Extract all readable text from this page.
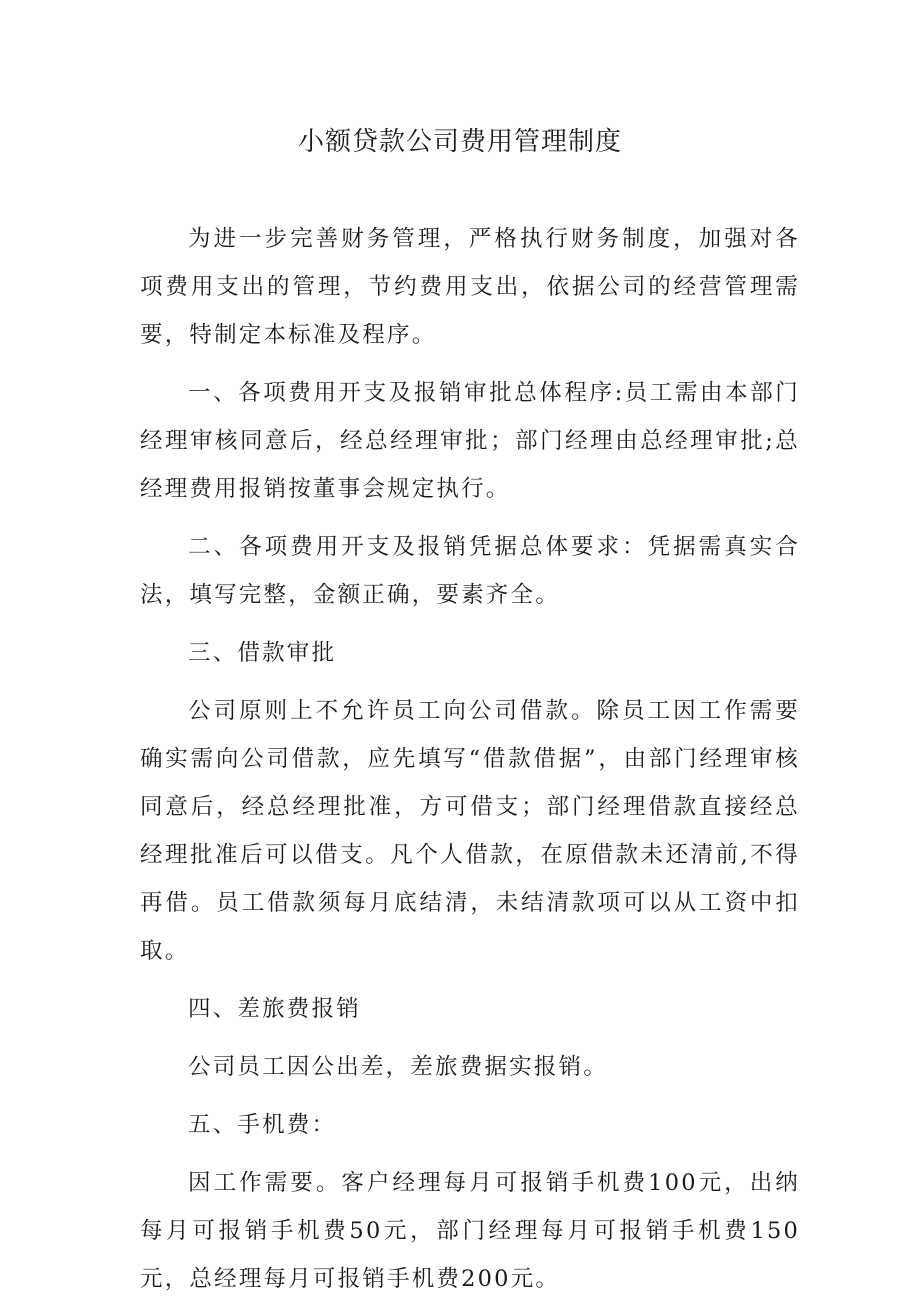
小额贷款公司费用管理制度

为进一步完善财务管理，严格执行财务制度，加强对各项费用支出的管理，节约费用支出，依据公司的经营管理需要，特制定本标准及程序。

一、各项费用开支及报销审批总体程序:员工需由本部门经理审核同意后，经总经理审批；部门经理由总经理审批;总经理费用报销按董事会规定执行。

二、各项费用开支及报销凭据总体要求：凭据需真实合法，填写完整，金额正确，要素齐全。

三、借款审批

公司原则上不允许员工向公司借款。除员工因工作需要确实需向公司借款，应先填写“借款借据”，由部门经理审核同意后，经总经理批准，方可借支；部门经理借款直接经总经理批准后可以借支。凡个人借款，在原借款未还清前,不得再借。员工借款须每月底结清，未结清款项可以从工资中扣取。

四、差旅费报销

公司员工因公出差，差旅费据实报销。

五、手机费：

因工作需要。客户经理每月可报销手机费100元，出纳每月可报销手机费50元，部门经理每月可报销手机费150元，总经理每月可报销手机费200元。
